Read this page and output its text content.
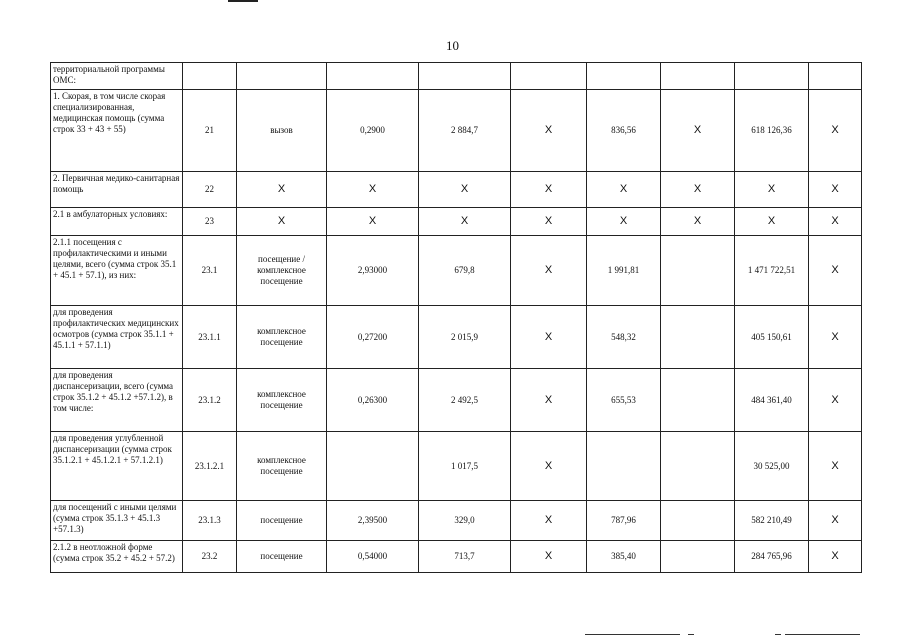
10
территориальной программы ОМС:									
1. Скорая, в том числе скорая специализированная, медицинская помощь (сумма строк 33 + 43 + 55)	21	вызов	0,2900	2 884,7	X	836,56	X	618 126,36	X
2. Первичная медико-санитарная помощь	22	X	X	X	X	X	X	X	X
2.1 в амбулаторных условиях:	23	X	X	X	X	X	X	X	X
2.1.1 посещения с профилактическими и иными целями, всего (сумма строк 35.1 + 45.1 + 57.1), из них:	23.1	посещение / комплексное посещение	2,93000	679,8	X	1 991,81		1 471 722,51	X
для проведения профилактических медицинских осмотров (сумма строк 35.1.1 + 45.1.1 + 57.1.1)	23.1.1	комплексное посещение	0,27200	2 015,9	X	548,32		405 150,61	X
для проведения диспансеризации, всего (сумма строк 35.1.2 + 45.1.2 +57.1.2), в том числе:	23.1.2	комплексное посещение	0,26300	2 492,5	X	655,53		484 361,40	X
для проведения углубленной диспансеризации (сумма строк 35.1.2.1 + 45.1.2.1 + 57.1.2.1)	23.1.2.1	комплексное посещение		1 017,5	X			30 525,00	X
для посещений с иными целями (сумма строк 35.1.3 + 45.1.3 +57.1.3)	23.1.3	посещение	2,39500	329,0	X	787,96		582 210,49	X
2.1.2 в неотложной форме (сумма строк 35.2 + 45.2 + 57.2)	23.2	посещение	0,54000	713,7	X	385,40		284 765,96	X
